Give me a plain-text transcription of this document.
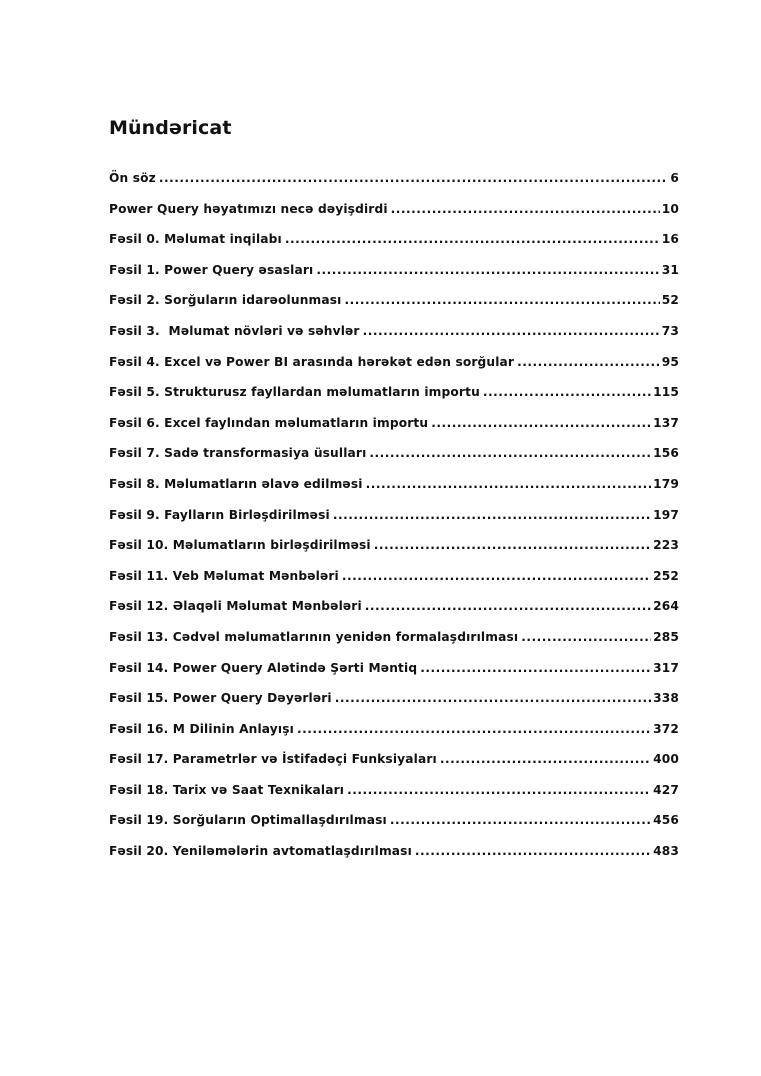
Mündəricat
Ön söz .....	6
Power Query həyatımızı necə dəyişdirdi .....	10
Fəsil 0. Məlumat inqilabı .....	16
Fəsil 1. Power Query əsasları .....	31
Fəsil 2. Sorğuların idarəolunması .....	52
Fəsil 3.  Məlumat növləri və səhvlər .....	73
Fəsil 4. Excel və Power BI arasında hərəkət edən sorğular .....	95
Fəsil 5. Strukturusz fayllardan məlumatların importu .....	115
Fəsil 6. Excel faylından məlumatların importu .....	137
Fəsil 7. Sadə transformasiya üsulları .....	156
Fəsil 8. Məlumatların əlavə edilməsi .....	179
Fəsil 9. Faylların Birləşdirilməsi .....	197
Fəsil 10. Məlumatların birləşdirilməsi .....	223
Fəsil 11. Veb Məlumat Mənbələri .....	252
Fəsil 12. Əlaqəli Məlumat Mənbələri .....	264
Fəsil 13. Cədvəl məlumatlarının yenidən formalaşdırılması .....	285
Fəsil 14. Power Query Alətində Şərti Məntiq .....	317
Fəsil 15. Power Query Dəyərləri .....	338
Fəsil 16. M Dilinin Anlayışı .....	372
Fəsil 17. Parametrlər və İstifadəçi Funksiyaları .....	400
Fəsil 18. Tarix və Saat Texnikaları .....	427
Fəsil 19. Sorğuların Optimallaşdırılması .....	456
Fəsil 20. Yeniləmələrin avtomatlaşdırılması .....	483
